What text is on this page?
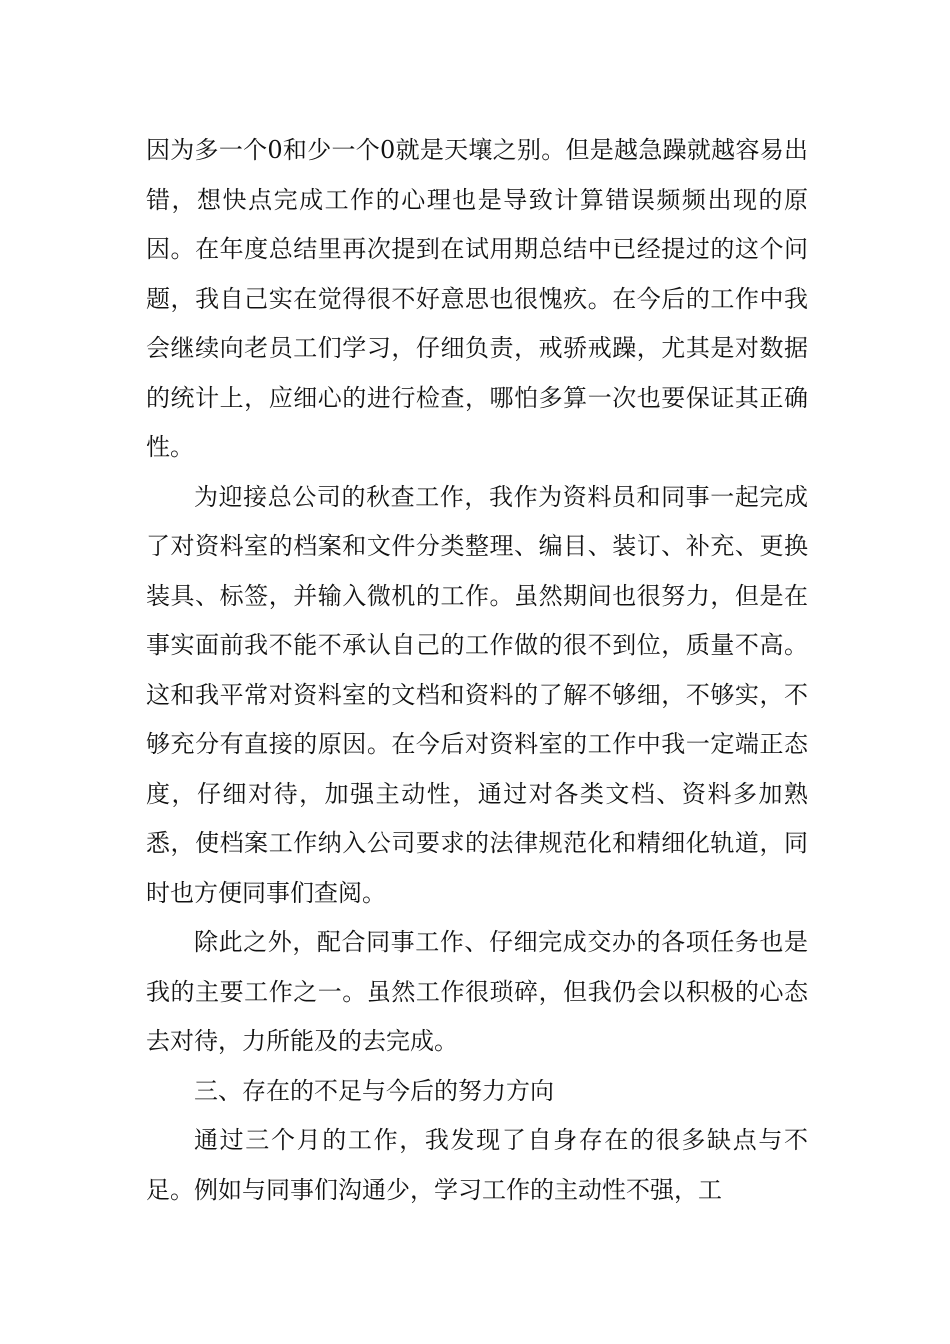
因为多一个0和少一个0就是天壤之别。但是越急躁就越容易出错，想快点完成工作的心理也是导致计算错误频频出现的原因。在年度总结里再次提到在试用期总结中已经提过的这个问题，我自己实在觉得很不好意思也很愧疚。在今后的工作中我会继续向老员工们学习，仔细负责，戒骄戒躁，尤其是对数据的统计上，应细心的进行检查，哪怕多算一次也要保证其正确性。

为迎接总公司的秋查工作，我作为资料员和同事一起完成了对资料室的档案和文件分类整理、编目、装订、补充、更换装具、标签，并输入微机的工作。虽然期间也很努力，但是在事实面前我不能不承认自己的工作做的很不到位，质量不高。这和我平常对资料室的文档和资料的了解不够细，不够实，不够充分有直接的原因。在今后对资料室的工作中我一定端正态度，仔细对待，加强主动性，通过对各类文档、资料多加熟悉，使档案工作纳入公司要求的法律规范化和精细化轨道，同时也方便同事们查阅。

除此之外，配合同事工作、仔细完成交办的各项任务也是我的主要工作之一。虽然工作很琐碎，但我仍会以积极的心态去对待，力所能及的去完成。

三、存在的不足与今后的努力方向

通过三个月的工作，我发现了自身存在的很多缺点与不足。例如与同事们沟通少，学习工作的主动性不强，工
